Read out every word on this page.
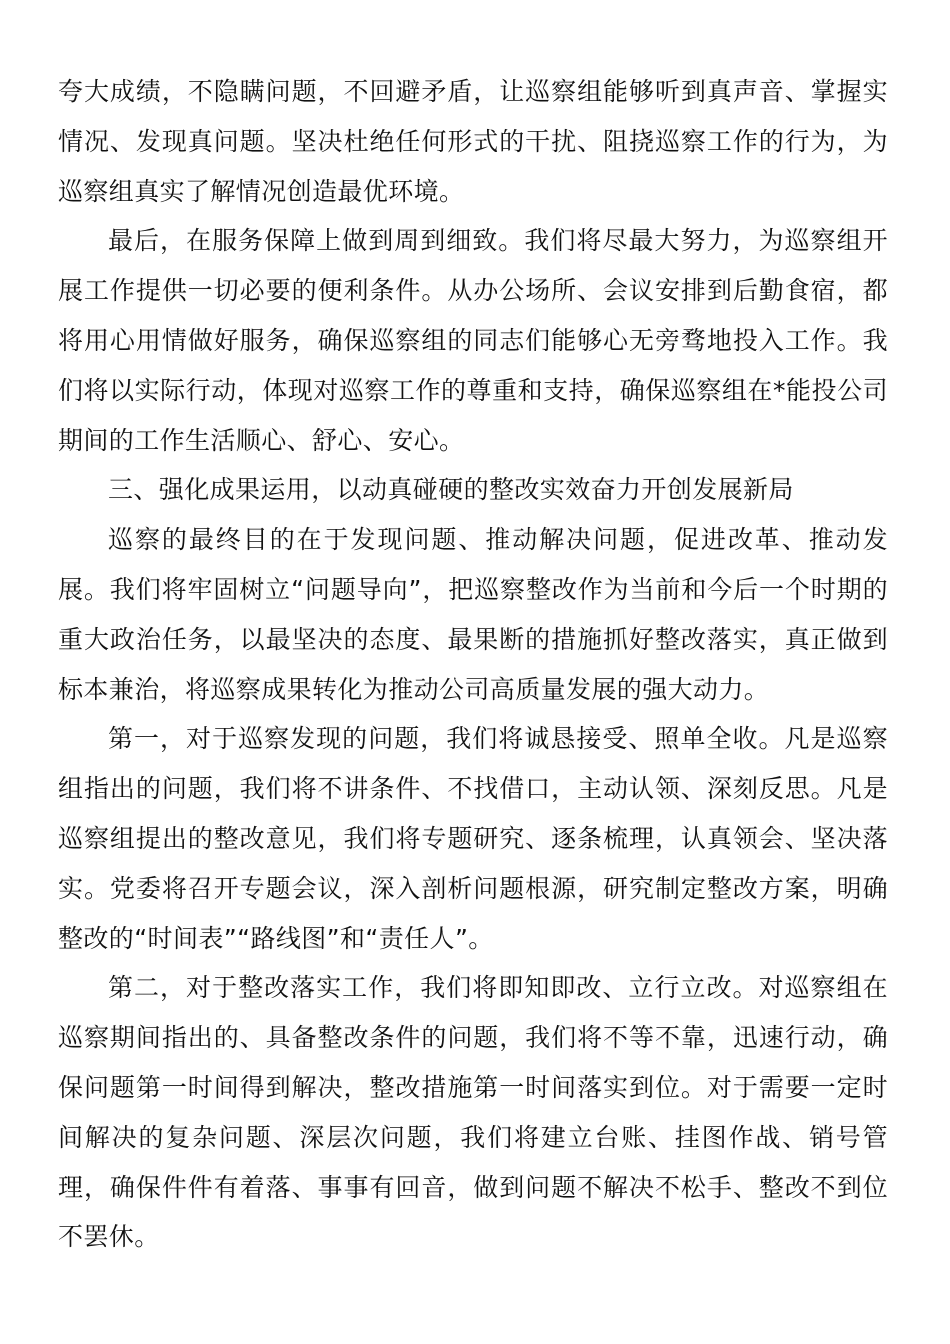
夸大成绩，不隐瞒问题，不回避矛盾，让巡察组能够听到真声音、掌握实情况、发现真问题。坚决杜绝任何形式的干扰、阻挠巡察工作的行为，为巡察组真实了解情况创造最优环境。

最后，在服务保障上做到周到细致。我们将尽最大努力，为巡察组开展工作提供一切必要的便利条件。从办公场所、会议安排到后勤食宿，都将用心用情做好服务，确保巡察组的同志们能够心无旁骛地投入工作。我们将以实际行动，体现对巡察工作的尊重和支持，确保巡察组在*能投公司期间的工作生活顺心、舒心、安心。

三、强化成果运用，以动真碰硬的整改实效奋力开创发展新局

巡察的最终目的在于发现问题、推动解决问题，促进改革、推动发展。我们将牢固树立“问题导向”，把巡察整改作为当前和今后一个时期的重大政治任务，以最坚决的态度、最果断的措施抓好整改落实，真正做到标本兼治，将巡察成果转化为推动公司高质量发展的强大动力。

第一，对于巡察发现的问题，我们将诚恳接受、照单全收。凡是巡察组指出的问题，我们将不讲条件、不找借口，主动认领、深刻反思。凡是巡察组提出的整改意见，我们将专题研究、逐条梳理，认真领会、坚决落实。党委将召开专题会议，深入剖析问题根源，研究制定整改方案，明确整改的“时间表”“路线图”和“责任人”。

第二，对于整改落实工作，我们将即知即改、立行立改。对巡察组在巡察期间指出的、具备整改条件的问题，我们将不等不靠，迅速行动，确保问题第一时间得到解决，整改措施第一时间落实到位。对于需要一定时间解决的复杂问题、深层次问题，我们将建立台账、挂图作战、销号管理，确保件件有着落、事事有回音，做到问题不解决不松手、整改不到位不罢休。
